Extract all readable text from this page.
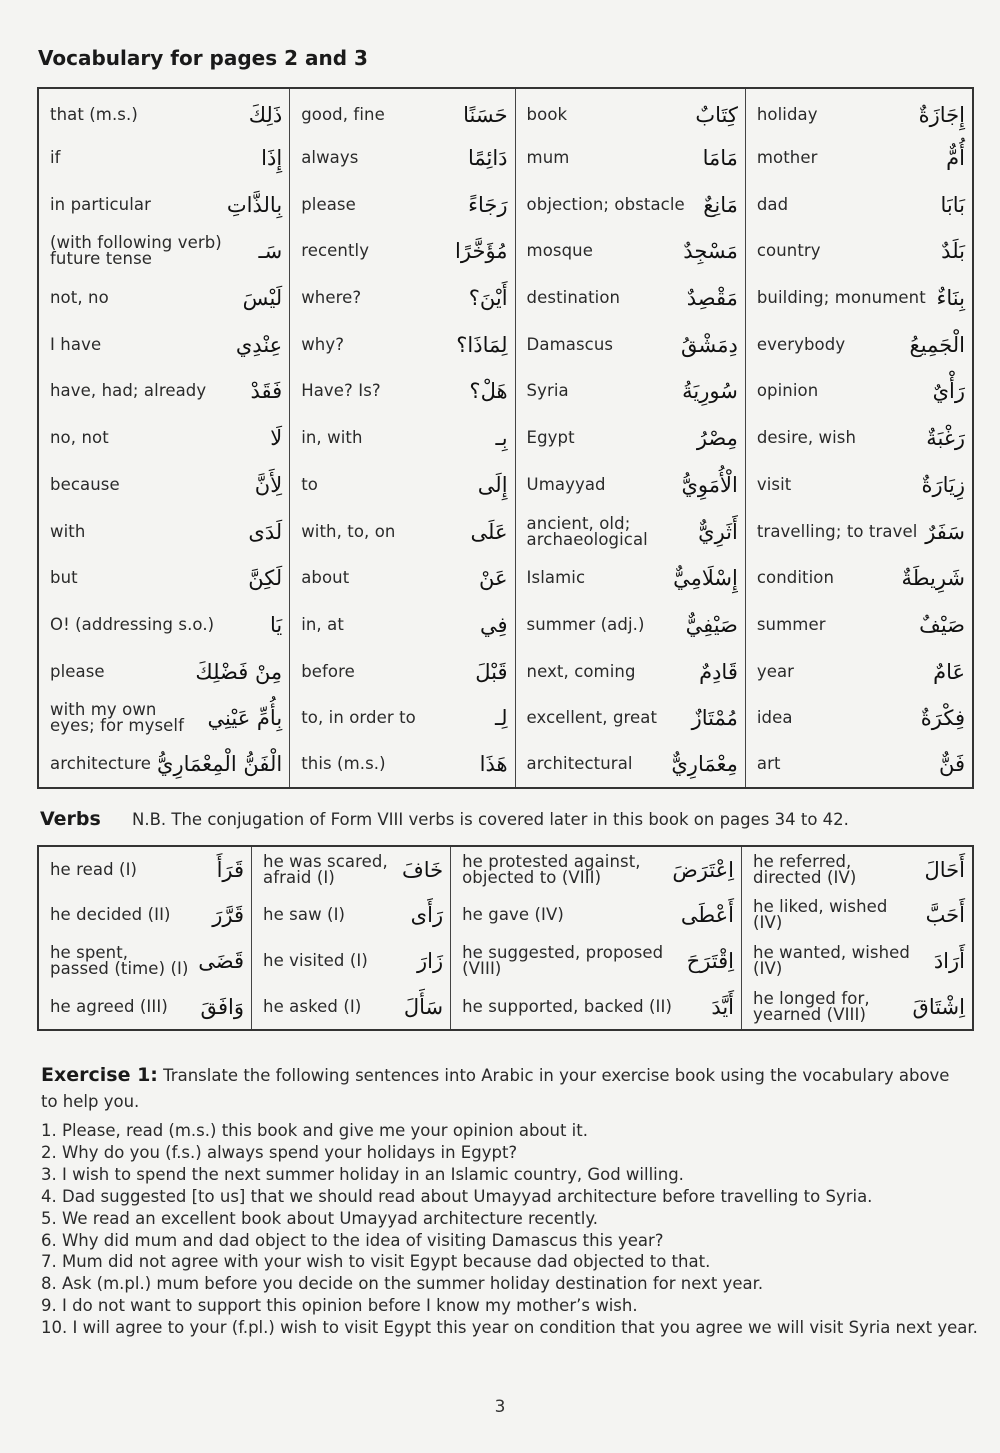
Vocabulary for pages 2 and 3
that (m.s.) ذَلِكَ	good, fine حَسَنًا	book كِتَابٌ	holiday إِجَازَةٌ

if إِذَا	always دَائِمًا	mum مَامَا	mother أُمٌّ

in particular بِالذَّاتِ	please رَجَاءً	objection; obstacle مَانِعٌ	dad بَابَا

(with following verb) future tense سَـ	recently مُؤَخَّرًا	mosque مَسْجِدٌ	country بَلَدٌ

not, no لَيْسَ	where? أَيْنَ؟	destination مَقْصِدٌ	building; monument بِنَاءٌ

I have عِنْدِي	why? لِمَاذَا؟	Damascus دِمَشْقُ	everybody الْجَمِيعُ

have, had; already فَقَدْ	Have? Is? هَلْ؟	Syria سُورِيَةُ	opinion رَأْيٌ

no, not لَا	in, with بِـ	Egypt مِصْرُ	desire, wish رَغْبَةٌ

because لِأَنَّ	to إِلَى	Umayyad الْأُمَوِيُّ	visit زِيَارَةٌ

with لَدَى	with, to, on عَلَى	ancient, old; archaeological أَثَرِيٌّ	travelling; to travel سَفَرٌ

but لَكِنَّ	about عَنْ	Islamic إِسْلَامِيٌّ	condition شَرِيطَةٌ

O! (addressing s.o.) يَا	in, at فِي	summer (adj.) صَيْفِيٌّ	summer صَيْفٌ

please مِنْ فَضْلِكَ	before قَبْلَ	next, coming قَادِمٌ	year عَامٌ

with my own eyes; for myself بِأُمِّ عَيْنِي	to, in order to لِـ	excellent, great مُمْتَازٌ	idea فِكْرَةٌ

architecture الْفَنُّ الْمِعْمَارِيُّ	this (m.s.) هَذَا	architectural مِعْمَارِيٌّ	art فَنٌّ
Verbs	N.B. The conjugation of Form VIII verbs is covered later in this book on pages 34 to 42.
he read (I) قَرَأَ	he was scared, afraid (I) خَافَ	he protested against, objected to (VIII) اِعْتَرَضَ	he referred, directed (IV) أَحَالَ

he decided (II) قَرَّرَ	he saw (I) رَأَى	he gave (IV) أَعْطَى	he liked, wished (IV) أَحَبَّ

he spent, passed (time) (I) قَضَى	he visited (I) زَارَ	he suggested, proposed (VIII) اِقْتَرَحَ	he wanted, wished (IV) أَرَادَ

he agreed (III) وَافَقَ	he asked (I) سَأَلَ	he supported, backed (II) أَيَّدَ	he longed for, yearned (VIII) اِشْتَاقَ

Exercise 1: Translate the following sentences into Arabic in your exercise book using the vocabulary above to help you.

1. Please, read (m.s.) this book and give me your opinion about it.
2. Why do you (f.s.) always spend your holidays in Egypt?
3. I wish to spend the next summer holiday in an Islamic country, God willing.
4. Dad suggested [to us] that we should read about Umayyad architecture before travelling to Syria.
5. We read an excellent book about Umayyad architecture recently.
6. Why did mum and dad object to the idea of visiting Damascus this year?
7. Mum did not agree with your wish to visit Egypt because dad objected to that.
8. Ask (m.pl.) mum before you decide on the summer holiday destination for next year.
9. I do not want to support this opinion before I know my mother’s wish.
10. I will agree to your (f.pl.) wish to visit Egypt this year on condition that you agree we will visit Syria next year.

3
